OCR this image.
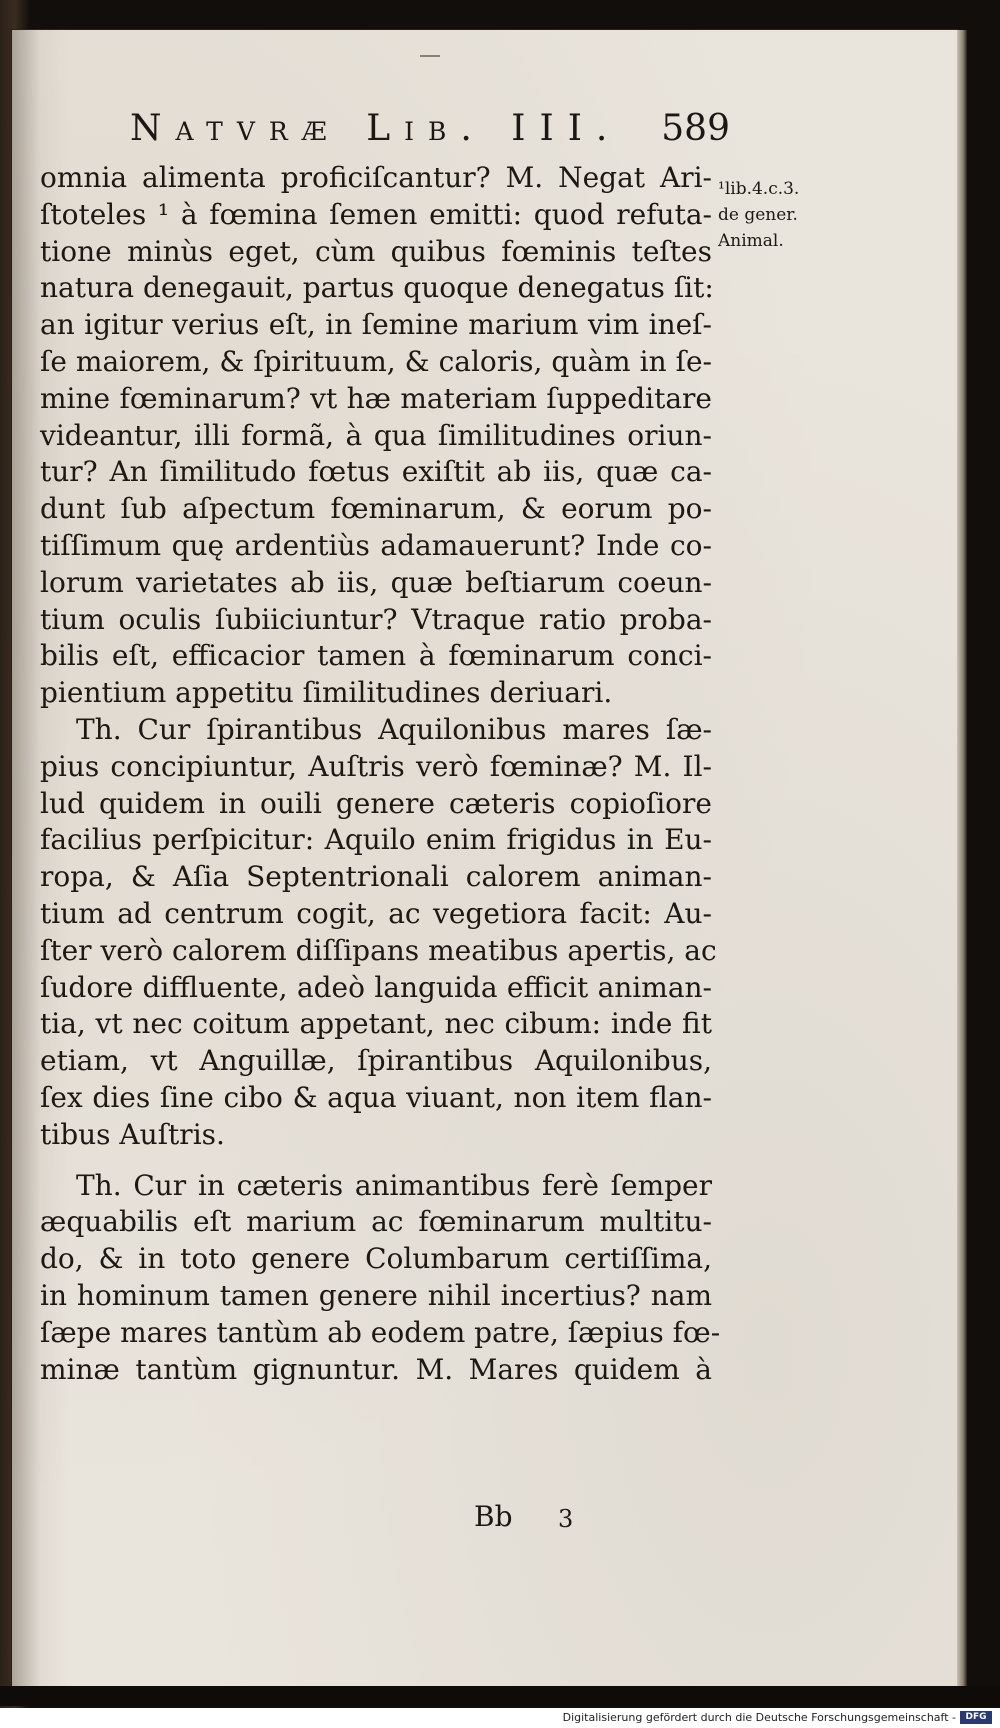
Natvræ Lib. III. 589
omnia alimenta proficiſcantur? M. Negat Ari-
ſtoteles ¹ à fœmina ſemen emitti: quod refuta-
tione minùs eget, cùm quibus fœminis teſtes
natura denegauit, partus quoque denegatus ſit:
an igitur verius eſt, in ſemine marium vim ineſ-
ſe maiorem, & ſpirituum, & caloris, quàm in ſe-
mine fœminarum? vt hæ materiam ſuppeditare
videantur, illi formã, à qua ſimilitudines oriun-
tur? An ſimilitudo fœtus exiſtit ab iis, quæ ca-
dunt ſub aſpectum fœminarum, & eorum po-
tiſſimum quę ardentiùs adamauerunt? Inde co-
lorum varietates ab iis, quæ beſtiarum coeun-
tium oculis ſubiiciuntur? Vtraque ratio proba-
bilis eſt, efficacior tamen à fœminarum conci-
pientium appetitu ſimilitudines deriuari.
Th. Cur ſpirantibus Aquilonibus mares ſæ-
pius concipiuntur, Auſtris verò fœminæ? M. Il-
lud quidem in ouili genere cæteris copioſiore
facilius perſpicitur: Aquilo enim frigidus in Eu-
ropa, & Aſia Septentrionali calorem animan-
tium ad centrum cogit, ac vegetiora facit: Au-
ſter verò calorem diſſipans meatibus apertis, ac
ſudore diffluente, adeò languida efficit animan-
tia, vt nec coitum appetant, nec cibum: inde fit
etiam, vt Anguillæ, ſpirantibus Aquilonibus,
ſex dies ſine cibo & aqua viuant, non item flan-
tibus Auſtris.
Th. Cur in cæteris animantibus ferè ſemper
æquabilis eſt marium ac fœminarum multitu-
do, & in toto genere Columbarum certiſſima,
in hominum tamen genere nihil incertius? nam
ſæpe mares tantùm ab eodem patre, ſæpius fœ-
minæ tantùm gignuntur. M. Mares quidem à
¹lib.4.c.3.
de gener.
Animal.
Bb 3
Digitalisierung gefördert durch die Deutsche Forschungsgemeinschaft -	DFG
